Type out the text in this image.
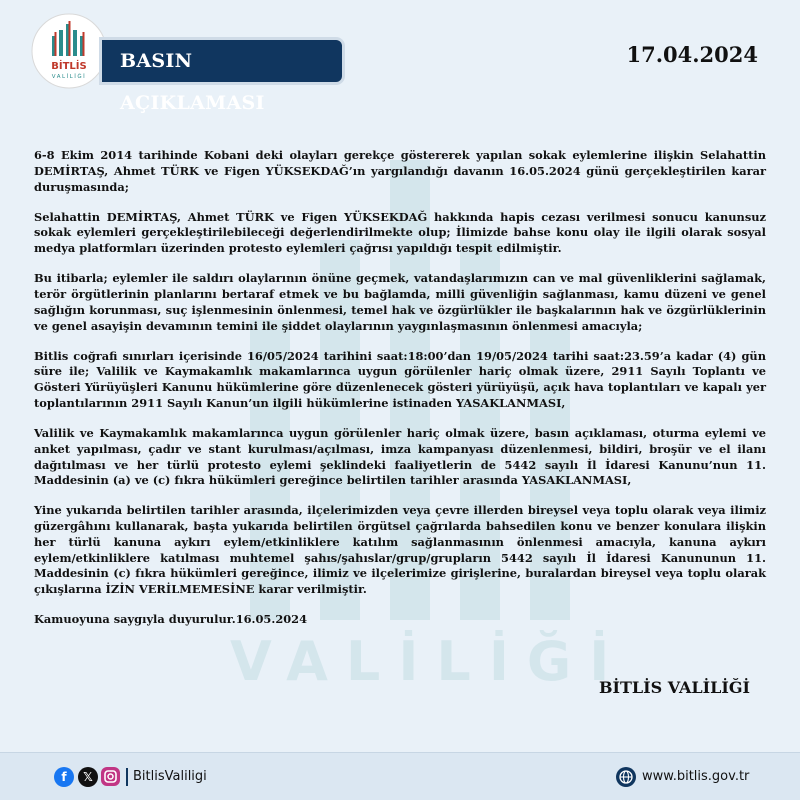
VALİLİĞİ
BİTLİS
VALİLİĞİ
BASIN AÇIKLAMASI
17.04.2024

6-8 Ekim 2014 tarihinde Kobani deki olayları gerekçe göstererek yapılan sokak eylemlerine ilişkin Selahattin DEMİRTAŞ, Ahmet TÜRK ve Figen YÜKSEKDAĞ’ın yargılandığı davanın 16.05.2024 günü gerçekleştirilen karar duruşmasında;

Selahattin DEMİRTAŞ, Ahmet TÜRK ve Figen YÜKSEKDAĞ hakkında hapis cezası verilmesi sonucu kanunsuz sokak eylemleri gerçekleştirilebileceği değerlendirilmekte olup; İlimizde bahse konu olay ile ilgili olarak sosyal medya platformları üzerinden protesto eylemleri çağrısı yapıldığı tespit edilmiştir.

Bu itibarla; eylemler ile saldırı olaylarının önüne geçmek, vatandaşlarımızın can ve mal güvenliklerini sağlamak, terör örgütlerinin planlarını bertaraf etmek ve bu bağlamda, milli güvenliğin sağlanması, kamu düzeni ve genel sağlığın korunması, suç işlenmesinin önlenmesi, temel hak ve özgürlükler ile başkalarının hak ve özgürlüklerinin ve genel asayişin devamının temini ile şiddet olaylarının yaygınlaşmasının önlenmesi amacıyla;

Bitlis coğrafi sınırları içerisinde 16/05/2024 tarihini saat:18:00’dan 19/05/2024 tarihi saat:23.59’a kadar (4) gün süre ile; Valilik ve Kaymakamlık makamlarınca uygun görülenler hariç olmak üzere, 2911 Sayılı Toplantı ve Gösteri Yürüyüşleri Kanunu hükümlerine göre düzenlenecek gösteri yürüyüşü, açık hava toplantıları ve kapalı yer toplantılarının 2911 Sayılı Kanun’un ilgili hükümlerine istinaden YASAKLANMASI,

Valilik ve Kaymakamlık makamlarınca uygun görülenler hariç olmak üzere, basın açıklaması, oturma eylemi ve anket yapılması, çadır ve stant kurulması/açılması, imza kampanyası düzenlenmesi, bildiri, broşür ve el ilanı dağıtılması ve her türlü protesto eylemi şeklindeki faaliyetlerin de 5442 sayılı İl İdaresi Kanunu’nun 11. Maddesinin (a) ve (c) fıkra hükümleri gereğince belirtilen tarihler arasında YASAKLANMASI,

Yine yukarıda belirtilen tarihler arasında, ilçelerimizden veya çevre illerden bireysel veya toplu olarak veya ilimiz güzergâhını kullanarak, başta yukarıda belirtilen örgütsel çağrılarda bahsedilen konu ve benzer konulara ilişkin her türlü kanuna aykırı eylem/etkinliklere katılım sağlanmasının önlenmesi amacıyla, kanuna aykırı eylem/etkinliklere katılması muhtemel şahıs/şahıslar/grup/grupların 5442 sayılı İl İdaresi Kanununun 11. Maddesinin (c) fıkra hükümleri gereğince, ilimiz ve ilçelerimize girişlerine, buralardan bireysel veya toplu olarak çıkışlarına İZİN VERİLMEMESİNE karar verilmiştir.

Kamuoyuna saygıyla duyurulur.16.05.2024

BİTLİS VALİLİĞİ
f	𝕏	BitlisValiligi	www.bitlis.gov.tr
